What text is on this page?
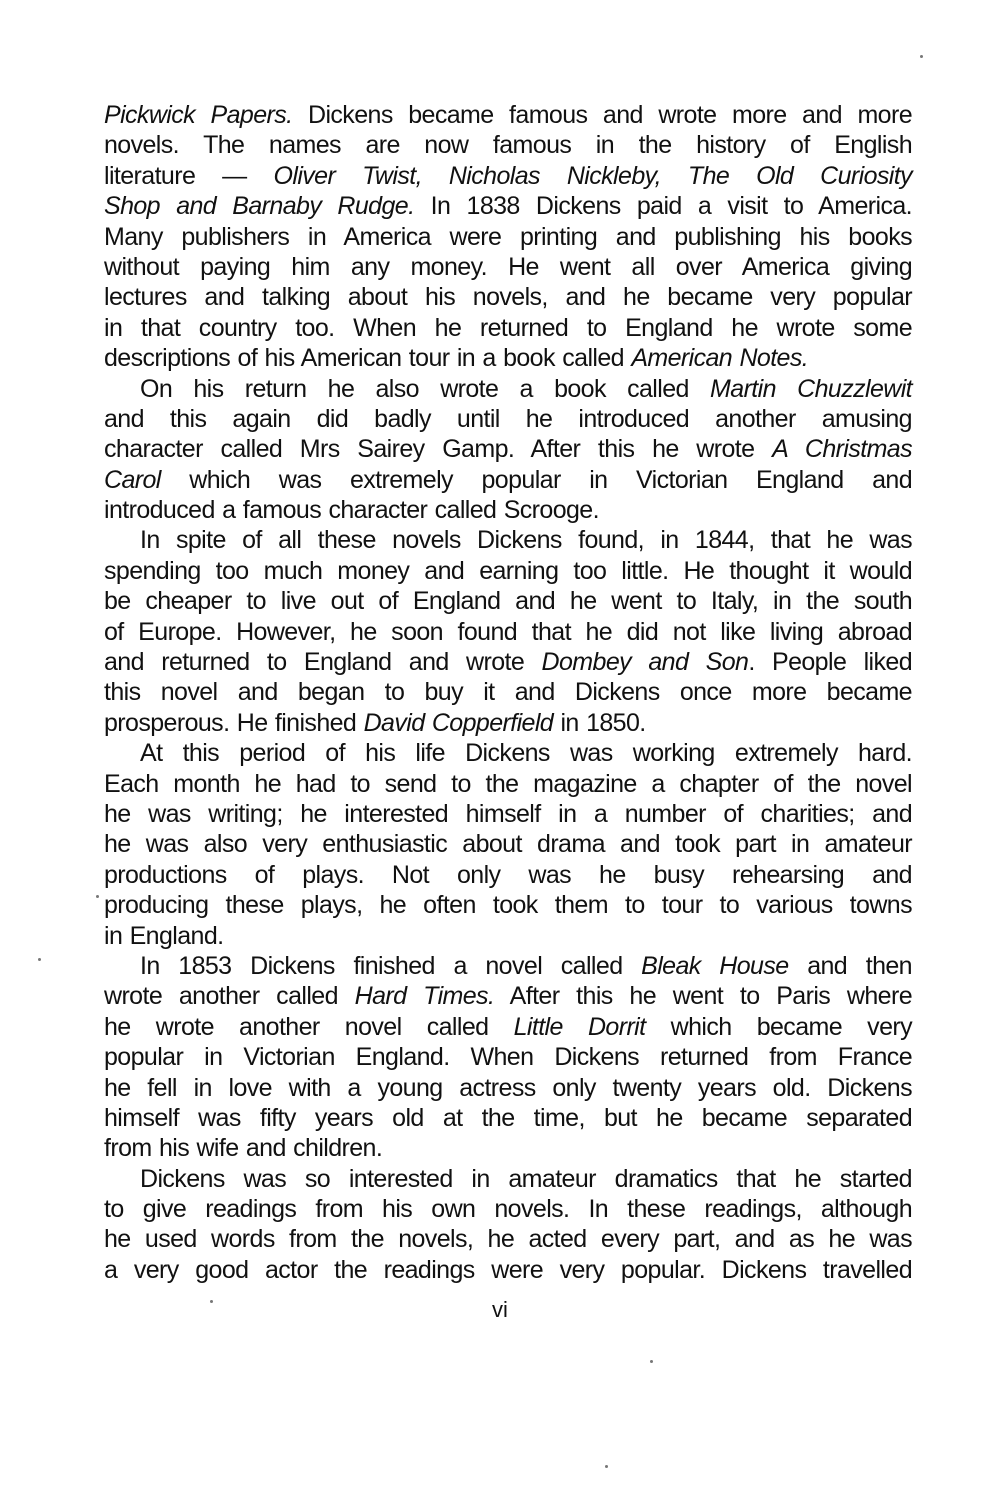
Pickwick Papers. Dickens became famous and wrote more and more
novels. The names are now famous in the history of English
literature — Oliver Twist, Nicholas Nickleby, The Old Curiosity
Shop and Barnaby Rudge. In 1838 Dickens paid a visit to America.
Many publishers in America were printing and publishing his books
without paying him any money. He went all over America giving
lectures and talking about his novels, and he became very popular
in that country too. When he returned to England he wrote some
descriptions of his American tour in a book called American Notes.
On his return he also wrote a book called Martin Chuzzlewit
and this again did badly until he introduced another amusing
character called Mrs Sairey Gamp. After this he wrote A Christmas
Carol which was extremely popular in Victorian England and
introduced a famous character called Scrooge.
In spite of all these novels Dickens found, in 1844, that he was
spending too much money and earning too little. He thought it would
be cheaper to live out of England and he went to Italy, in the south
of Europe. However, he soon found that he did not like living abroad
and returned to England and wrote Dombey and Son. People liked
this novel and began to buy it and Dickens once more became
prosperous. He finished David Copperfield in 1850.
At this period of his life Dickens was working extremely hard.
Each month he had to send to the magazine a chapter of the novel
he was writing; he interested himself in a number of charities; and
he was also very enthusiastic about drama and took part in amateur
productions of plays. Not only was he busy rehearsing and
producing these plays, he often took them to tour to various towns
in England.
In 1853 Dickens finished a novel called Bleak House and then
wrote another called Hard Times. After this he went to Paris where
he wrote another novel called Little Dorrit which became very
popular in Victorian England. When Dickens returned from France
he fell in love with a young actress only twenty years old. Dickens
himself was fifty years old at the time, but he became separated
from his wife and children.
Dickens was so interested in amateur dramatics that he started
to give readings from his own novels. In these readings, although
he used words from the novels, he acted every part, and as he was
a very good actor the readings were very popular. Dickens travelled
vi
